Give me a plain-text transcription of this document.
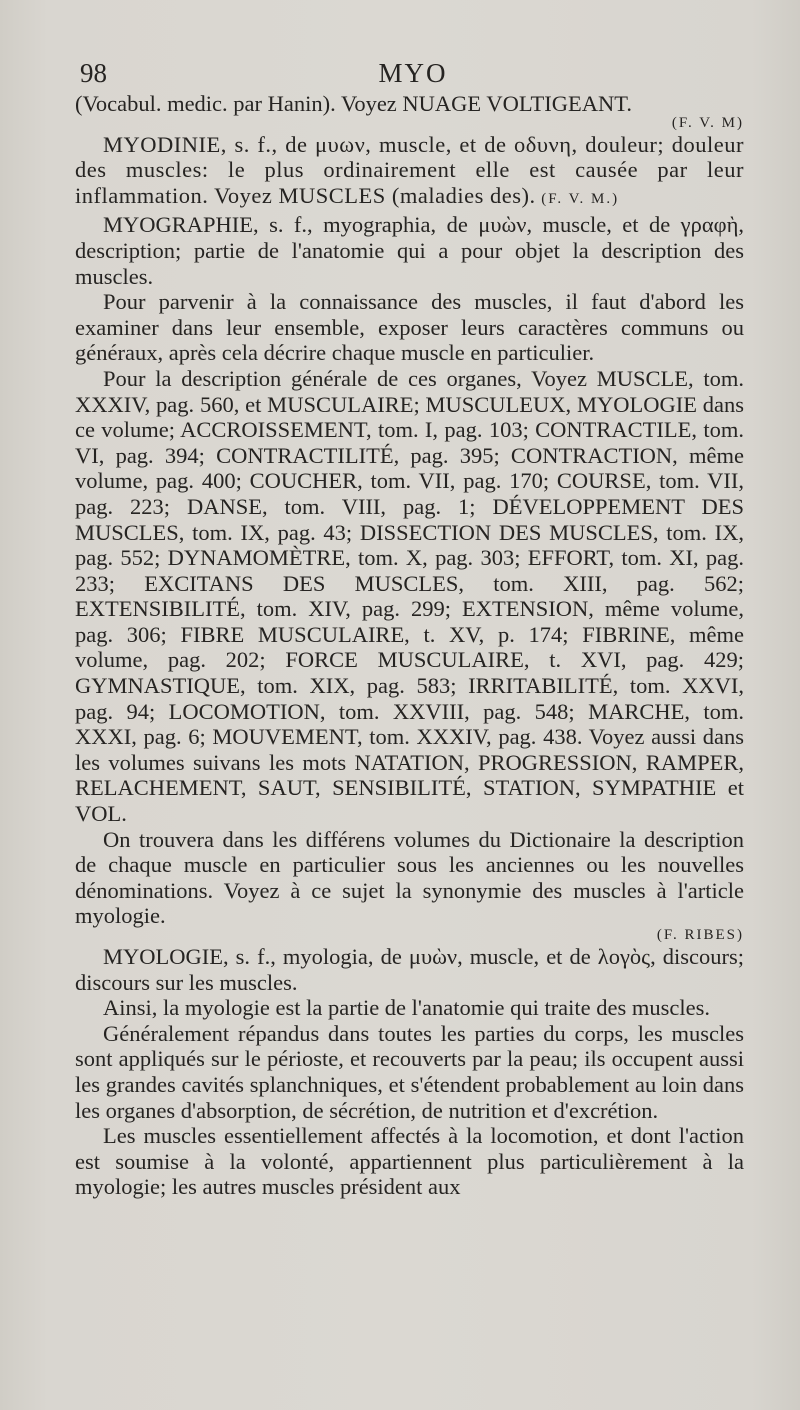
98	MYO

(Vocabul. medic. par Hanin). Voyez NUAGE VOLTIGEANT.

(F. V. M)

MYODINIE, s. f., de μυων, muscle, et de οδυνη, douleur; douleur des muscles: le plus ordinairement elle est causée par leur inflammation. Voyez MUSCLES (maladies des). (F. V. M.)

MYOGRAPHIE, s. f., myographia, de μυὼν, muscle, et de γραφὴ, description; partie de l'anatomie qui a pour objet la description des muscles.

Pour parvenir à la connaissance des muscles, il faut d'abord les examiner dans leur ensemble, exposer leurs caractères communs ou généraux, après cela décrire chaque muscle en particulier.

Pour la description générale de ces organes, Voyez MUSCLE, tom. XXXIV, pag. 560, et MUSCULAIRE; MUSCULEUX, MYOLOGIE dans ce volume; ACCROISSEMENT, tom. I, pag. 103; CONTRACTILE, tom. VI, pag. 394; CONTRACTILITÉ, pag. 395; CONTRACTION, même volume, pag. 400; COUCHER, tom. VII, pag. 170; COURSE, tom. VII, pag. 223; DANSE, tom. VIII, pag. 1; DÉVELOPPEMENT DES MUSCLES, tom. IX, pag. 43; DISSECTION DES MUSCLES, tom. IX, pag. 552; DYNAMOMÈTRE, tom. X, pag. 303; EFFORT, tom. XI, pag. 233; EXCITANS DES MUSCLES, tom. XIII, pag. 562; EXTENSIBILITÉ, tom. XIV, pag. 299; EXTENSION, même volume, pag. 306; FIBRE MUSCULAIRE, t. XV, p. 174; FIBRINE, même volume, pag. 202; FORCE MUSCULAIRE, t. XVI, pag. 429; GYMNASTIQUE, tom. XIX, pag. 583; IRRITABILITÉ, tom. XXVI, pag. 94; LOCOMOTION, tom. XXVIII, pag. 548; MARCHE, tom. XXXI, pag. 6; MOUVEMENT, tom. XXXIV, pag. 438. Voyez aussi dans les volumes suivans les mots NATATION, PROGRESSION, RAMPER, RELACHEMENT, SAUT, SENSIBILITÉ, STATION, SYMPATHIE et VOL.

On trouvera dans les différens volumes du Dictionaire la description de chaque muscle en particulier sous les anciennes ou les nouvelles dénominations. Voyez à ce sujet la synonymie des muscles à l'article myologie.

(F. RIBES)

MYOLOGIE, s. f., myologia, de μυὼν, muscle, et de λογὸς, discours; discours sur les muscles.

Ainsi, la myologie est la partie de l'anatomie qui traite des muscles.

Généralement répandus dans toutes les parties du corps, les muscles sont appliqués sur le périoste, et recouverts par la peau; ils occupent aussi les grandes cavités splanchniques, et s'étendent probablement au loin dans les organes d'absorption, de sécrétion, de nutrition et d'excrétion.

Les muscles essentiellement affectés à la locomotion, et dont l'action est soumise à la volonté, appartiennent plus particulièrement à la myologie; les autres muscles président aux
